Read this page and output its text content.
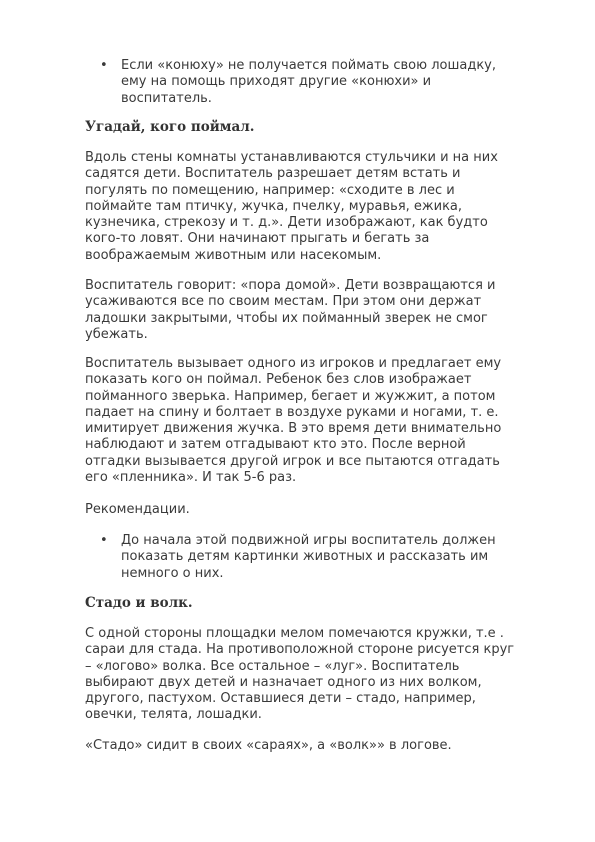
•	Если «конюху» не получается поймать свою лошадку,
ему на помощь приходят другие «конюхи» и
воспитатель.
Угадай, кого поймал.

Вдоль стены комнаты устанавливаются стульчики и на них
садятся дети. Воспитатель разрешает детям встать и
погулять по помещению, например: «сходите в лес и
поймайте там птичку, жучка, пчелку, муравья, ежика,
кузнечика, стрекозу и т. д.». Дети изображают, как будто
кого-то ловят. Они начинают прыгать и бегать за
воображаемым животным или насекомым.

Воспитатель говорит: «пора домой». Дети возвращаются и
усаживаются все по своим местам. При этом они держат
ладошки закрытыми, чтобы их пойманный зверек не смог
убежать.

Воспитатель вызывает одного из игроков и предлагает ему
показать кого он поймал. Ребенок без слов изображает
пойманного зверька. Например, бегает и жужжит, а потом
падает на спину и болтает в воздухе руками и ногами, т. е.
имитирует движения жучка. В это время дети внимательно
наблюдают и затем отгадывают кто это. После верной
отгадки вызывается другой игрок и все пытаются отгадать
его «пленника». И так 5-6 раз.

Рекомендации.

•	До начала этой подвижной игры воспитатель должен
показать детям картинки животных и рассказать им
немного о них.
Стадо и волк.

С одной стороны площадки мелом помечаются кружки, т.е .
сараи для стада. На противоположной стороне рисуется круг
– «логово» волка. Все остальное – «луг». Воспитатель
выбирают двух детей и назначает одного из них волком,
другого, пастухом. Оставшиеся дети – стадо, например,
овечки, телята, лошадки.

«Стадо» сидит в своих «сараях», а «волк»» в логове.
